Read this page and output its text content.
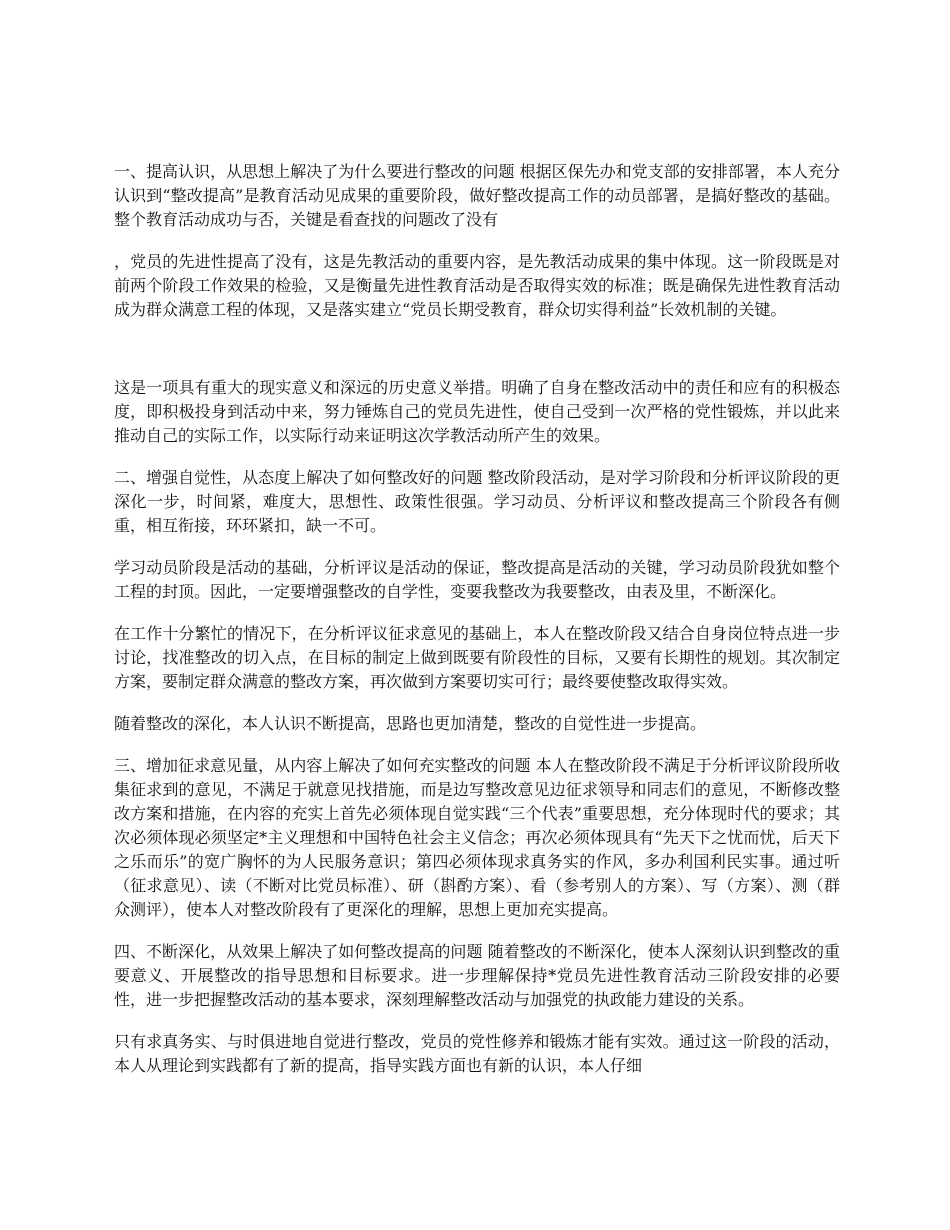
一、提高认识，从思想上解决了为什么要进行整改的问题 根据区保先办和党支部的安排部署，本人充分认识到“整改提高”是教育活动见成果的重要阶段，做好整改提高工作的动员部署，是搞好整改的基础。整个教育活动成功与否，关键是看查找的问题改了没有

，党员的先进性提高了没有，这是先教活动的重要内容，是先教活动成果的集中体现。这一阶段既是对前两个阶段工作效果的检验，又是衡量先进性教育活动是否取得实效的标准；既是确保先进性教育活动成为群众满意工程的体现，又是落实建立“党员长期受教育，群众切实得利益”长效机制的关键。

这是一项具有重大的现实意义和深远的历史意义举措。明确了自身在整改活动中的责任和应有的积极态度，即积极投身到活动中来，努力锤炼自己的党员先进性，使自己受到一次严格的党性锻炼，并以此来推动自己的实际工作，以实际行动来证明这次学教活动所产生的效果。

二、增强自觉性，从态度上解决了如何整改好的问题 整改阶段活动，是对学习阶段和分析评议阶段的更深化一步，时间紧，难度大，思想性、政策性很强。学习动员、分析评议和整改提高三个阶段各有侧重，相互衔接，环环紧扣，缺一不可。

学习动员阶段是活动的基础，分析评议是活动的保证，整改提高是活动的关键，学习动员阶段犹如整个工程的封顶。因此，一定要增强整改的自学性，变要我整改为我要整改，由表及里，不断深化。

在工作十分繁忙的情况下，在分析评议征求意见的基础上，本人在整改阶段又结合自身岗位特点进一步讨论，找准整改的切入点，在目标的制定上做到既要有阶段性的目标，又要有长期性的规划。其次制定方案，要制定群众满意的整改方案，再次做到方案要切实可行；最终要使整改取得实效。

随着整改的深化，本人认识不断提高，思路也更加清楚，整改的自觉性进一步提高。

三、增加征求意见量，从内容上解决了如何充实整改的问题 本人在整改阶段不满足于分析评议阶段所收集征求到的意见，不满足于就意见找措施，而是边写整改意见边征求领导和同志们的意见，不断修改整改方案和措施，在内容的充实上首先必须体现自觉实践“三个代表”重要思想，充分体现时代的要求；其次必须体现必须坚定*主义理想和中国特色社会主义信念；再次必须体现具有“先天下之忧而忧，后天下之乐而乐”的宽广胸怀的为人民服务意识；第四必须体现求真务实的作风，多办利国利民实事。通过听（征求意见）、读（不断对比党员标准）、研（斟酌方案）、看（参考别人的方案）、写（方案）、测（群众测评），使本人对整改阶段有了更深化的理解，思想上更加充实提高。

四、不断深化，从效果上解决了如何整改提高的问题 随着整改的不断深化，使本人深刻认识到整改的重要意义、开展整改的指导思想和目标要求。进一步理解保持*党员先进性教育活动三阶段安排的必要性，进一步把握整改活动的基本要求，深刻理解整改活动与加强党的执政能力建设的关系。

只有求真务实、与时俱进地自觉进行整改，党员的党性修养和锻炼才能有实效。通过这一阶段的活动，本人从理论到实践都有了新的提高，指导实践方面也有新的认识，本人仔细
